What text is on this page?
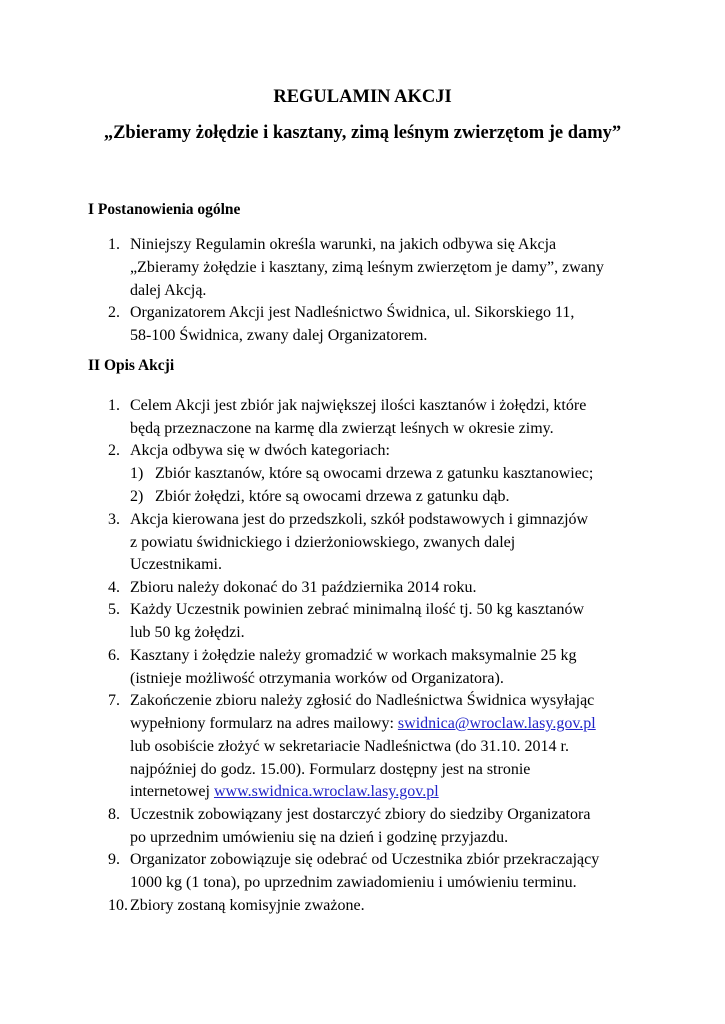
REGULAMIN AKCJI
„Zbieramy żołędzie i kasztany, zimą leśnym zwierzętom je damy”
I Postanowienia ogólne
1. Niniejszy Regulamin określa warunki, na jakich odbywa się Akcja
„Zbieramy żołędzie i kasztany, zimą leśnym zwierzętom je damy”, zwany
dalej Akcją.
2. Organizatorem Akcji jest Nadleśnictwo Świdnica, ul. Sikorskiego 11,
58-100 Świdnica, zwany dalej Organizatorem.
II Opis Akcji
1. Celem Akcji jest zbiór jak największej ilości kasztanów i żołędzi, które
będą przeznaczone na karmę dla zwierząt leśnych w okresie zimy.
2. Akcja odbywa się w dwóch kategoriach:
1) Zbiór kasztanów, które są owocami drzewa z gatunku kasztanowiec;
2) Zbiór żołędzi, które są owocami drzewa z gatunku dąb.
3. Akcja kierowana jest do przedszkoli, szkół podstawowych i gimnazjów
z powiatu świdnickiego i dzierżoniowskiego, zwanych dalej
Uczestnikami.
4. Zbioru należy dokonać do 31 października 2014 roku.
5. Każdy Uczestnik powinien zebrać minimalną ilość tj. 50 kg kasztanów
lub 50 kg żołędzi.
6. Kasztany i żołędzie należy gromadzić w workach maksymalnie 25 kg
(istnieje możliwość otrzymania worków od Organizatora).
7. Zakończenie zbioru należy zgłosić do Nadleśnictwa Świdnica wysyłając
wypełniony formularz na adres mailowy: swidnica@wroclaw.lasy.gov.pl
lub osobiście złożyć w sekretariacie Nadleśnictwa (do 31.10. 2014 r.
najpóźniej do godz. 15.00). Formularz dostępny jest na stronie
internetowej www.swidnica.wroclaw.lasy.gov.pl
8. Uczestnik zobowiązany jest dostarczyć zbiory do siedziby Organizatora
po uprzednim umówieniu się na dzień i godzinę przyjazdu.
9. Organizator zobowiązuje się odebrać od Uczestnika zbiór przekraczający
1000 kg (1 tona), po uprzednim zawiadomieniu i umówieniu terminu.
10. Zbiory zostaną komisyjnie zważone.
